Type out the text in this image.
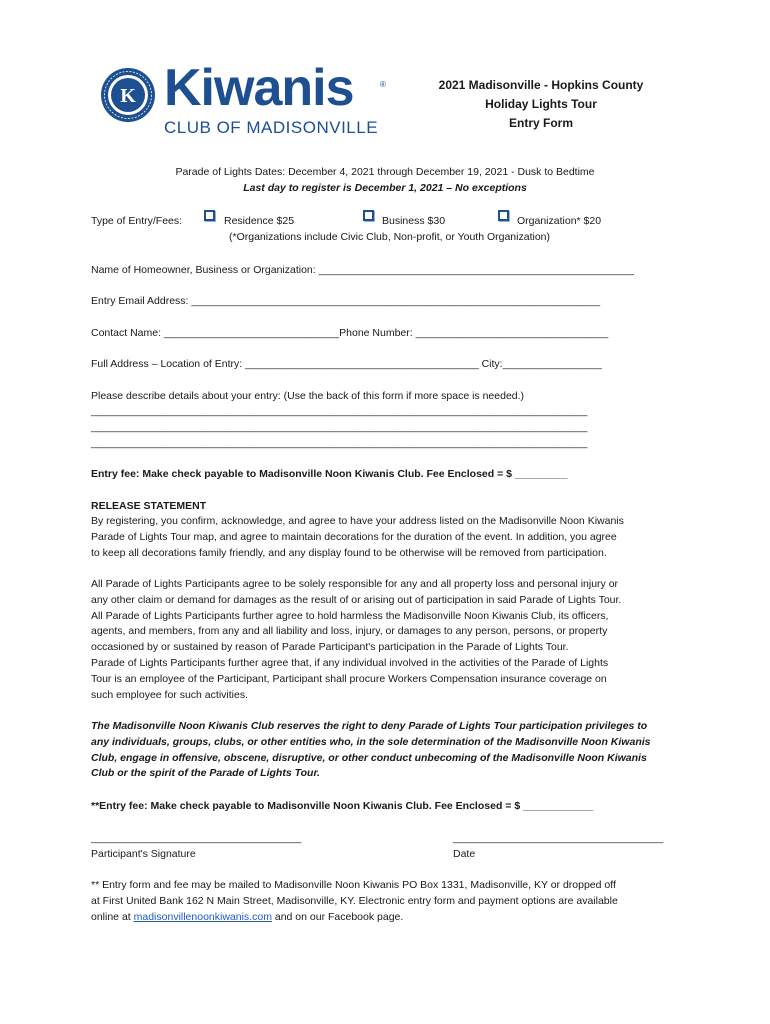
K Kiwanis	®
CLUB OF MADISONVILLE
2021 Madisonville - Hopkins County
Holiday Lights Tour
Entry Form
Parade of Lights Dates: December 4, 2021 through December 19, 2021 - Dusk to Bedtime
Last day to register is December 1, 2021 – No exceptions
Type of Entry/Fees:	Residence $25	Business $30	Organization* $20
(*Organizations include Civic Club, Non-profit, or Youth Organization)
Name of Homeowner, Business or Organization: ______________________________________________________
Entry Email Address: ______________________________________________________________________
Contact Name: ______________________________Phone Number: _________________________________
Full Address – Location of Entry: ________________________________________ City:_________________
Please describe details about your entry: (Use the back of this form if more space is needed.)
_____________________________________________________________________________________
_____________________________________________________________________________________
_____________________________________________________________________________________
Entry fee: Make check payable to Madisonville Noon Kiwanis Club. Fee Enclosed = $ _________
RELEASE STATEMENT
By registering, you confirm, acknowledge, and agree to have your address listed on the Madisonville Noon Kiwanis
Parade of Lights Tour map, and agree to maintain decorations for the duration of the event. In addition, you agree
to keep all decorations family friendly, and any display found to be otherwise will be removed from participation.
All Parade of Lights Participants agree to be solely responsible for any and all property loss and personal injury or
any other claim or demand for damages as the result of or arising out of participation in said Parade of Lights Tour.
All Parade of Lights Participants further agree to hold harmless the Madisonville Noon Kiwanis Club, its officers,
agents, and members, from any and all liability and loss, injury, or damages to any person, persons, or property
occasioned by or sustained by reason of Parade Participant's participation in the Parade of Lights Tour.
Parade of Lights Participants further agree that, if any individual involved in the activities of the Parade of Lights
Tour is an employee of the Participant, Participant shall procure Workers Compensation insurance coverage on
such employee for such activities.
The Madisonville Noon Kiwanis Club reserves the right to deny Parade of Lights Tour participation privileges to
any individuals, groups, clubs, or other entities who, in the sole determination of the Madisonville Noon Kiwanis
Club, engage in offensive, obscene, disruptive, or other conduct unbecoming of the Madisonville Noon Kiwanis
Club or the spirit of the Parade of Lights Tour.
**Entry fee: Make check payable to Madisonville Noon Kiwanis Club. Fee Enclosed = $ ____________
____________________________________
Participant's Signature
____________________________________
Date
** Entry form and fee may be mailed to Madisonville Noon Kiwanis PO Box 1331, Madisonville, KY or dropped off
at First United Bank 162 N Main Street, Madisonville, KY. Electronic entry form and payment options are available
online at madisonvillenoonkiwanis.com and on our Facebook page.
